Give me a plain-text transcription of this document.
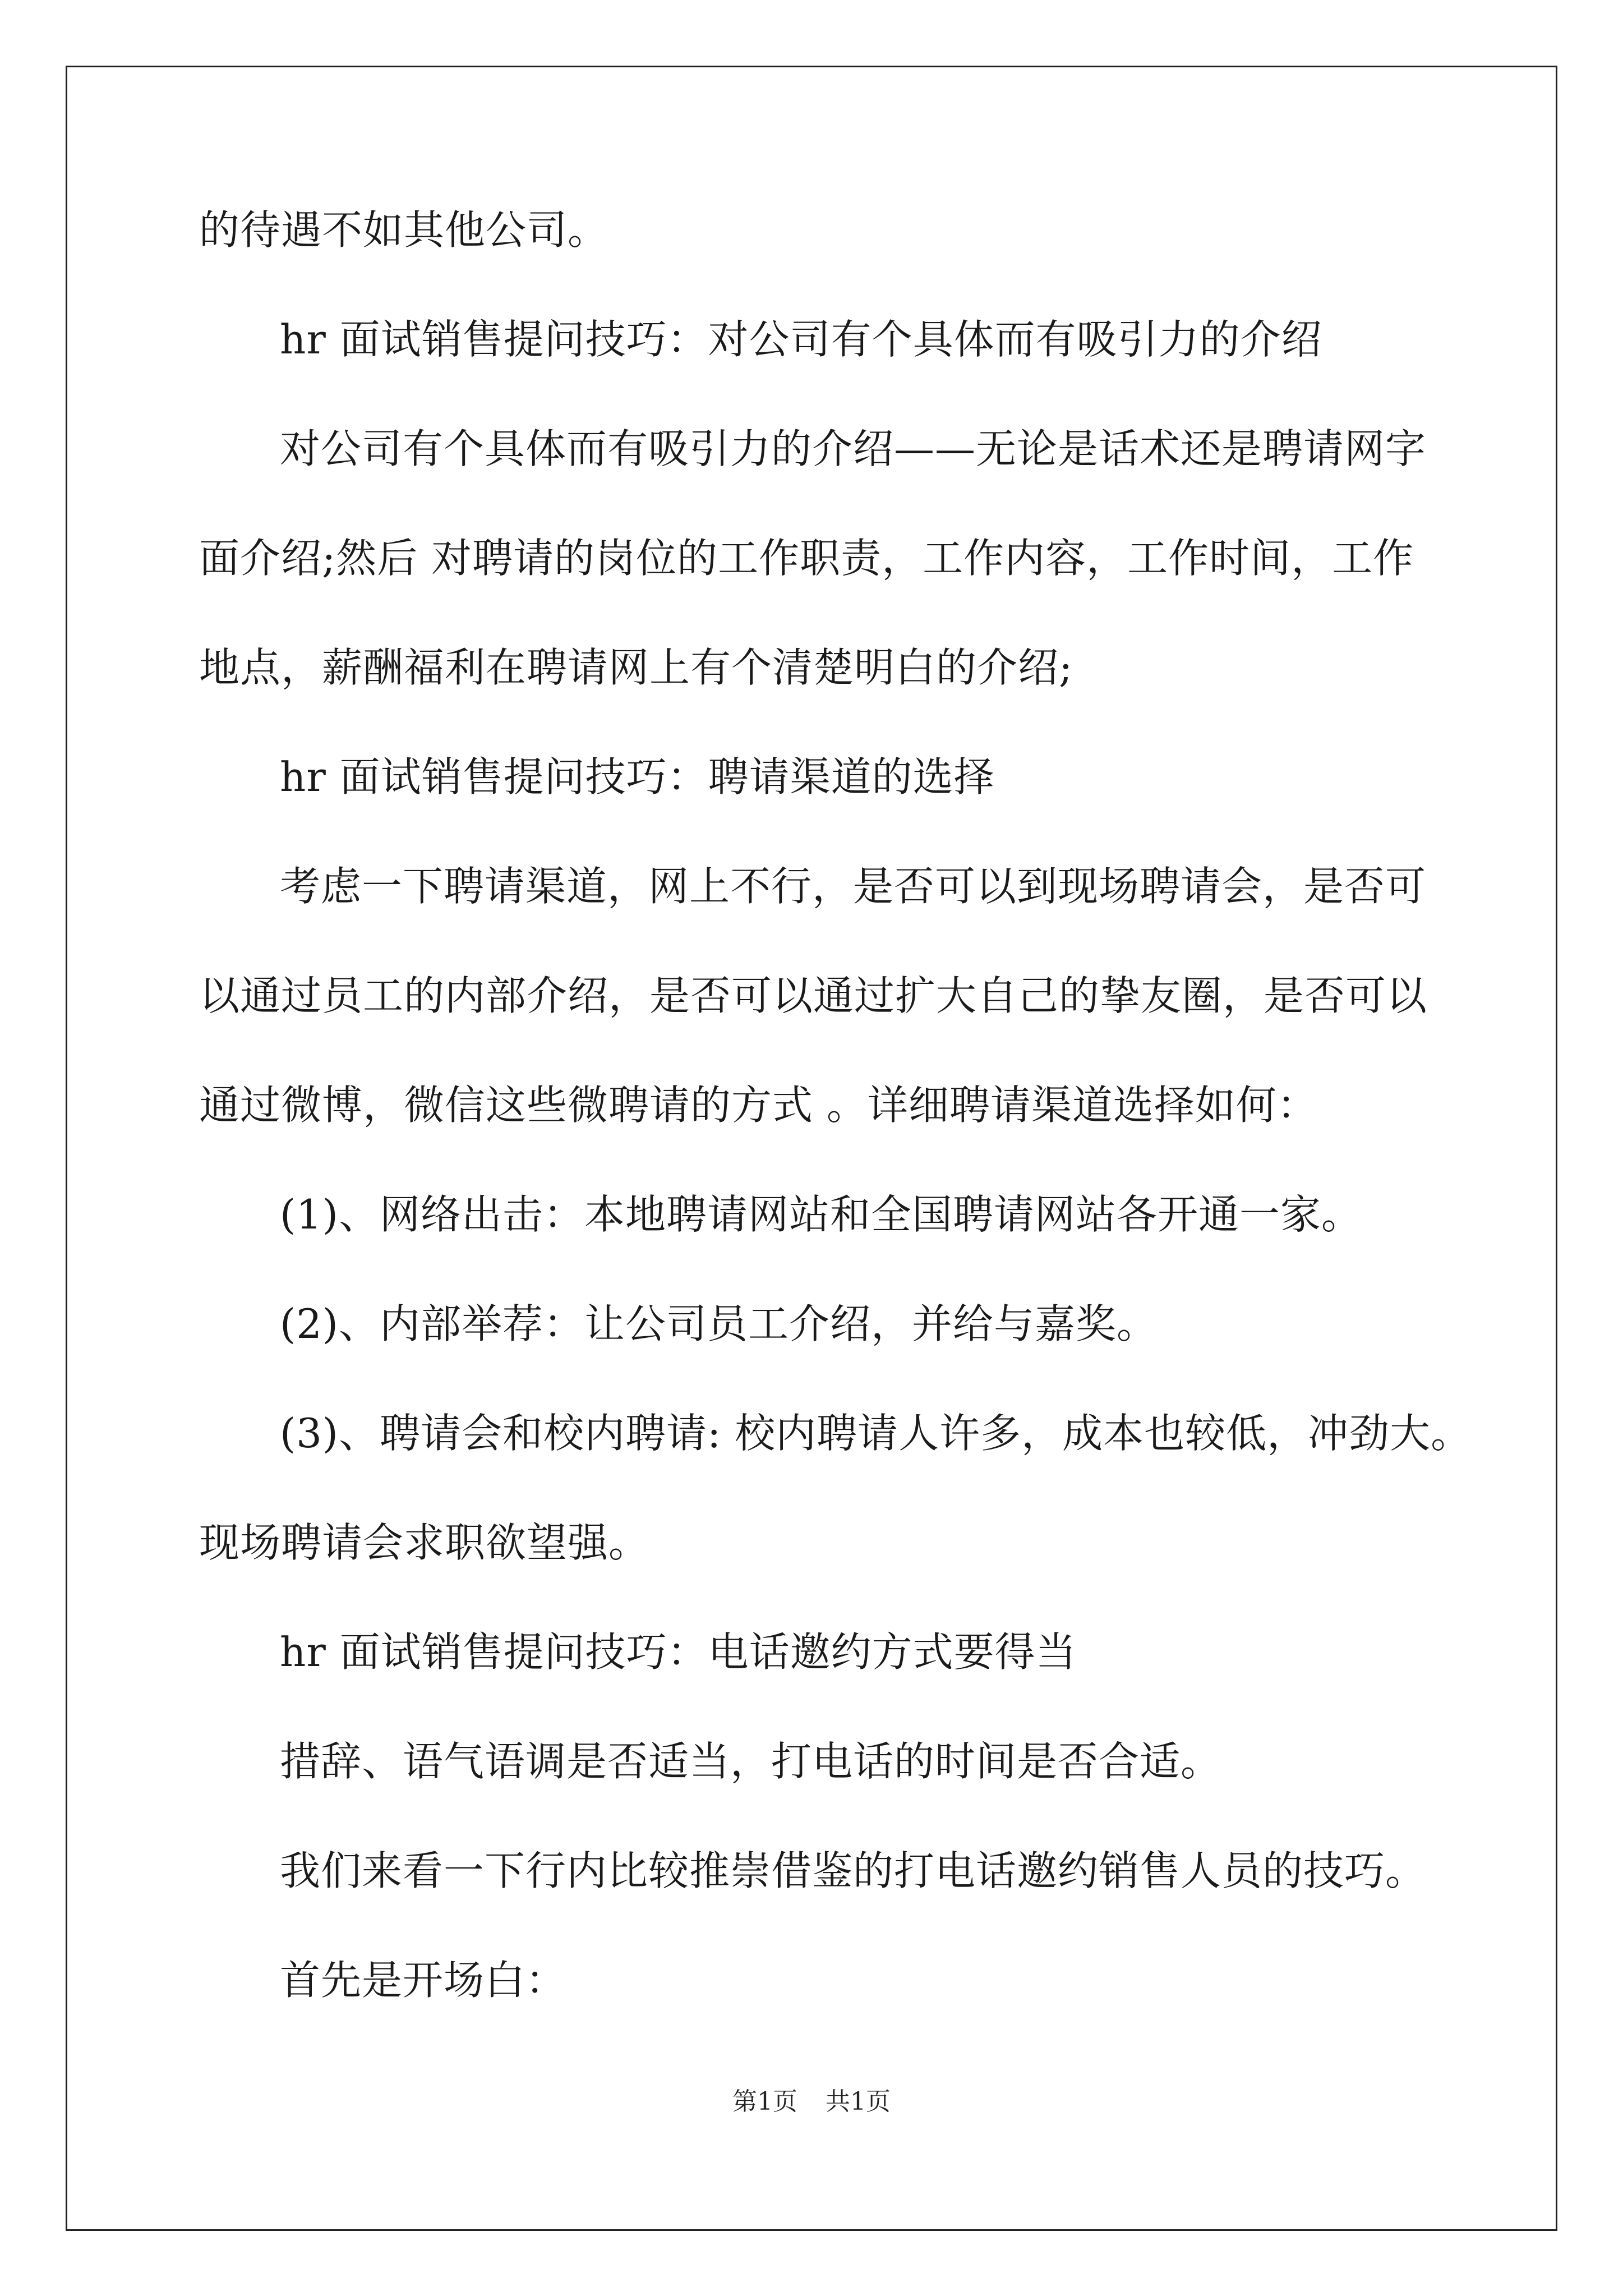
的待遇不如其他公司。
hr 面试销售提问技巧：对公司有个具体而有吸引力的介绍
对公司有个具体而有吸引力的介绍——无论是话术还是聘请网字
面介绍;然后 对聘请的岗位的工作职责，工作内容，工作时间，工作
地点，薪酬福利在聘请网上有个清楚明白的介绍;
hr 面试销售提问技巧：聘请渠道的选择
考虑一下聘请渠道，网上不行，是否可以到现场聘请会，是否可
以通过员工的内部介绍，是否可以通过扩大自己的挚友圈，是否可以
通过微博，微信这些微聘请的方式 。详细聘请渠道选择如何：
(1)、网络出击：本地聘请网站和全国聘请网站各开通一家。
(2)、内部举荐：让公司员工介绍，并给与嘉奖。
(3)、聘请会和校内聘请: 校内聘请人许多，成本也较低，冲劲大。
现场聘请会求职欲望强。
hr 面试销售提问技巧：电话邀约方式要得当
措辞、语气语调是否适当，打电话的时间是否合适。
我们来看一下行内比较推崇借鉴的打电话邀约销售人员的技巧。
首先是开场白：
第1页 共1页
